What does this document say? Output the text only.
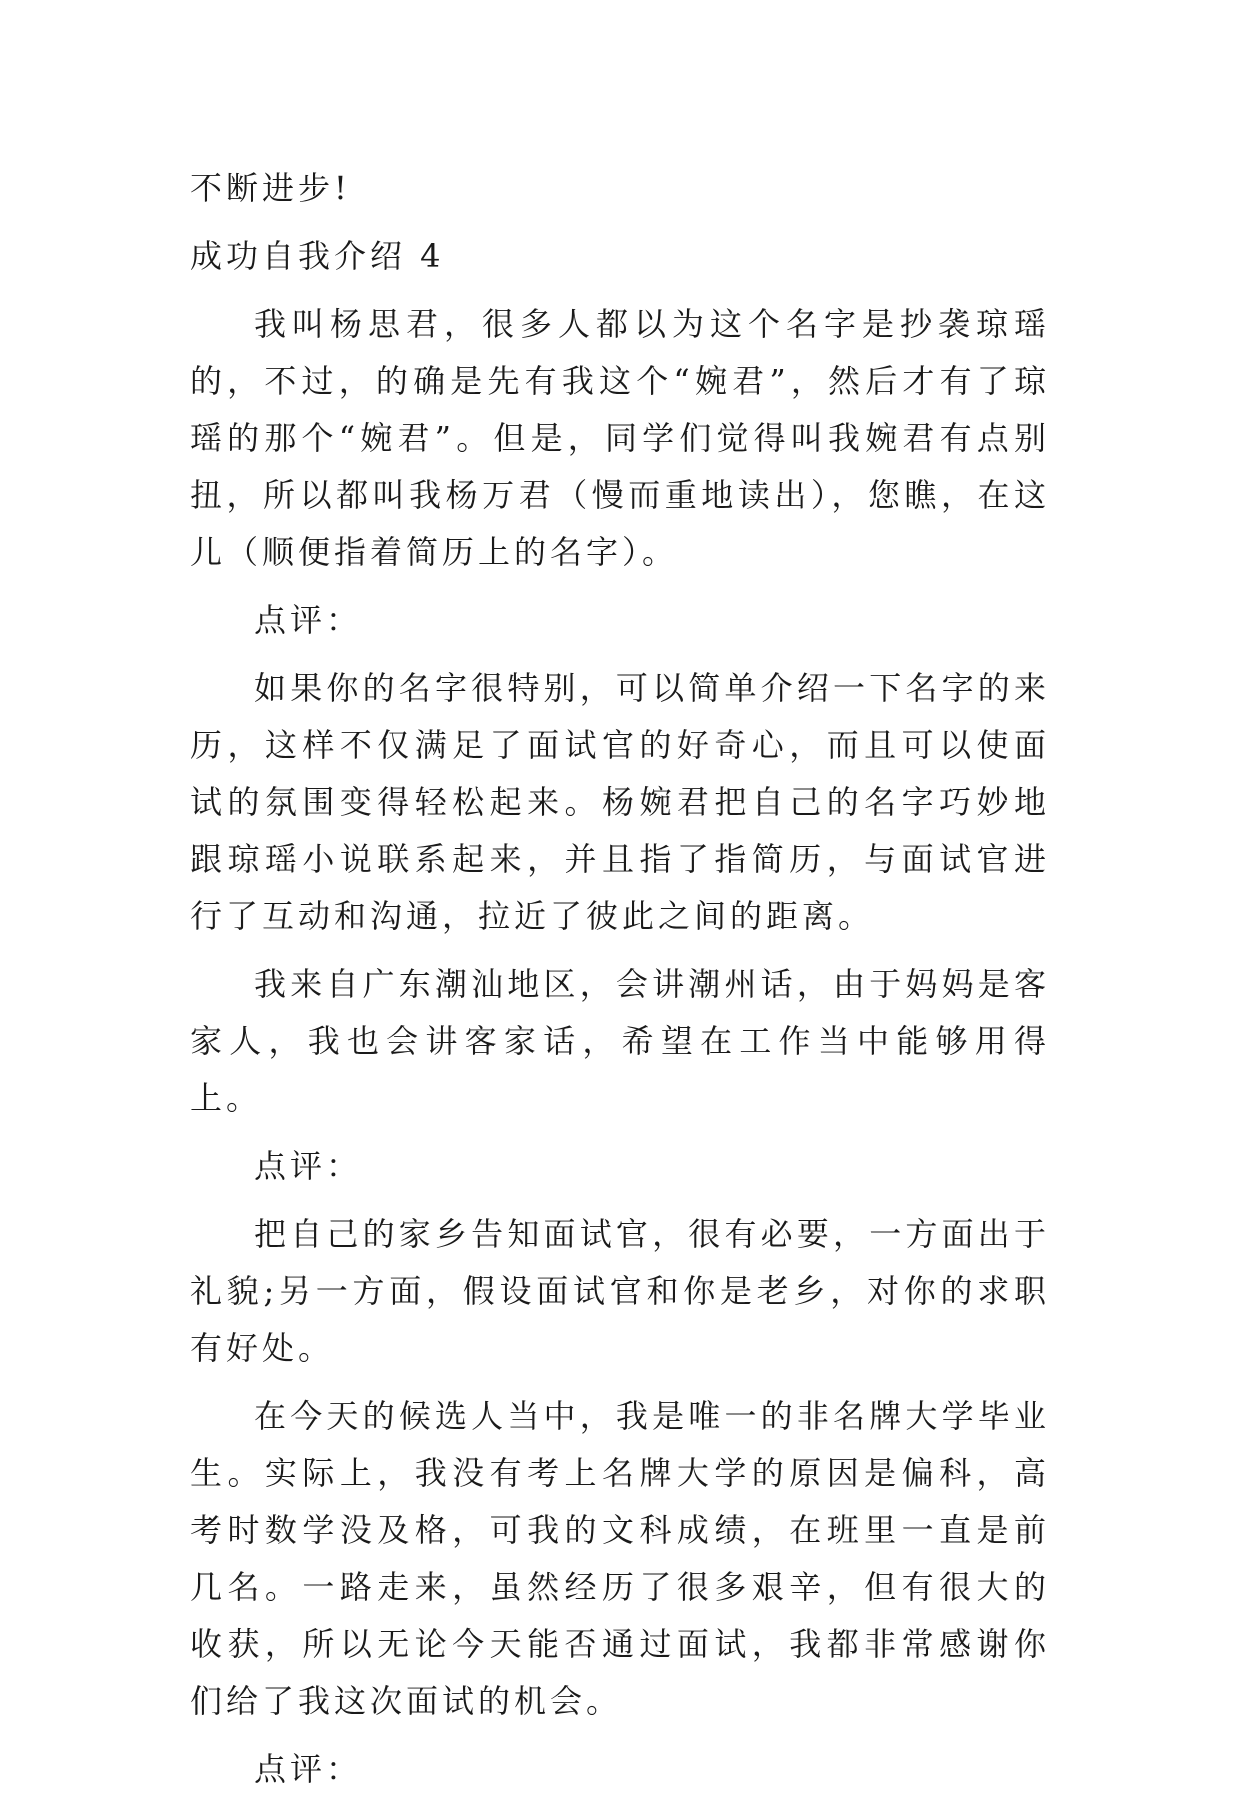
不断进步!
成功自我介绍 4

我叫杨思君，很多人都以为这个名字是抄袭琼瑶的，不过，的确是先有我这个“婉君”，然后才有了琼瑶的那个“婉君”。但是，同学们觉得叫我婉君有点别扭，所以都叫我杨万君（慢而重地读出），您瞧，在这儿（顺便指着简历上的名字）。

点评：

如果你的名字很特别，可以简单介绍一下名字的来历，这样不仅满足了面试官的好奇心，而且可以使面试的氛围变得轻松起来。杨婉君把自己的名字巧妙地跟琼瑶小说联系起来，并且指了指简历，与面试官进行了互动和沟通，拉近了彼此之间的距离。

我来自广东潮汕地区，会讲潮州话，由于妈妈是客家人，我也会讲客家话，希望在工作当中能够用得上。

点评：

把自己的家乡告知面试官，很有必要，一方面出于礼貌;另一方面，假设面试官和你是老乡，对你的求职有好处。

在今天的候选人当中，我是唯一的非名牌大学毕业生。实际上，我没有考上名牌大学的原因是偏科，高考时数学没及格，可我的文科成绩，在班里一直是前几名。一路走来，虽然经历了很多艰辛，但有很大的收获，所以无论今天能否通过面试，我都非常感谢你们给了我这次面试的机会。

点评：
